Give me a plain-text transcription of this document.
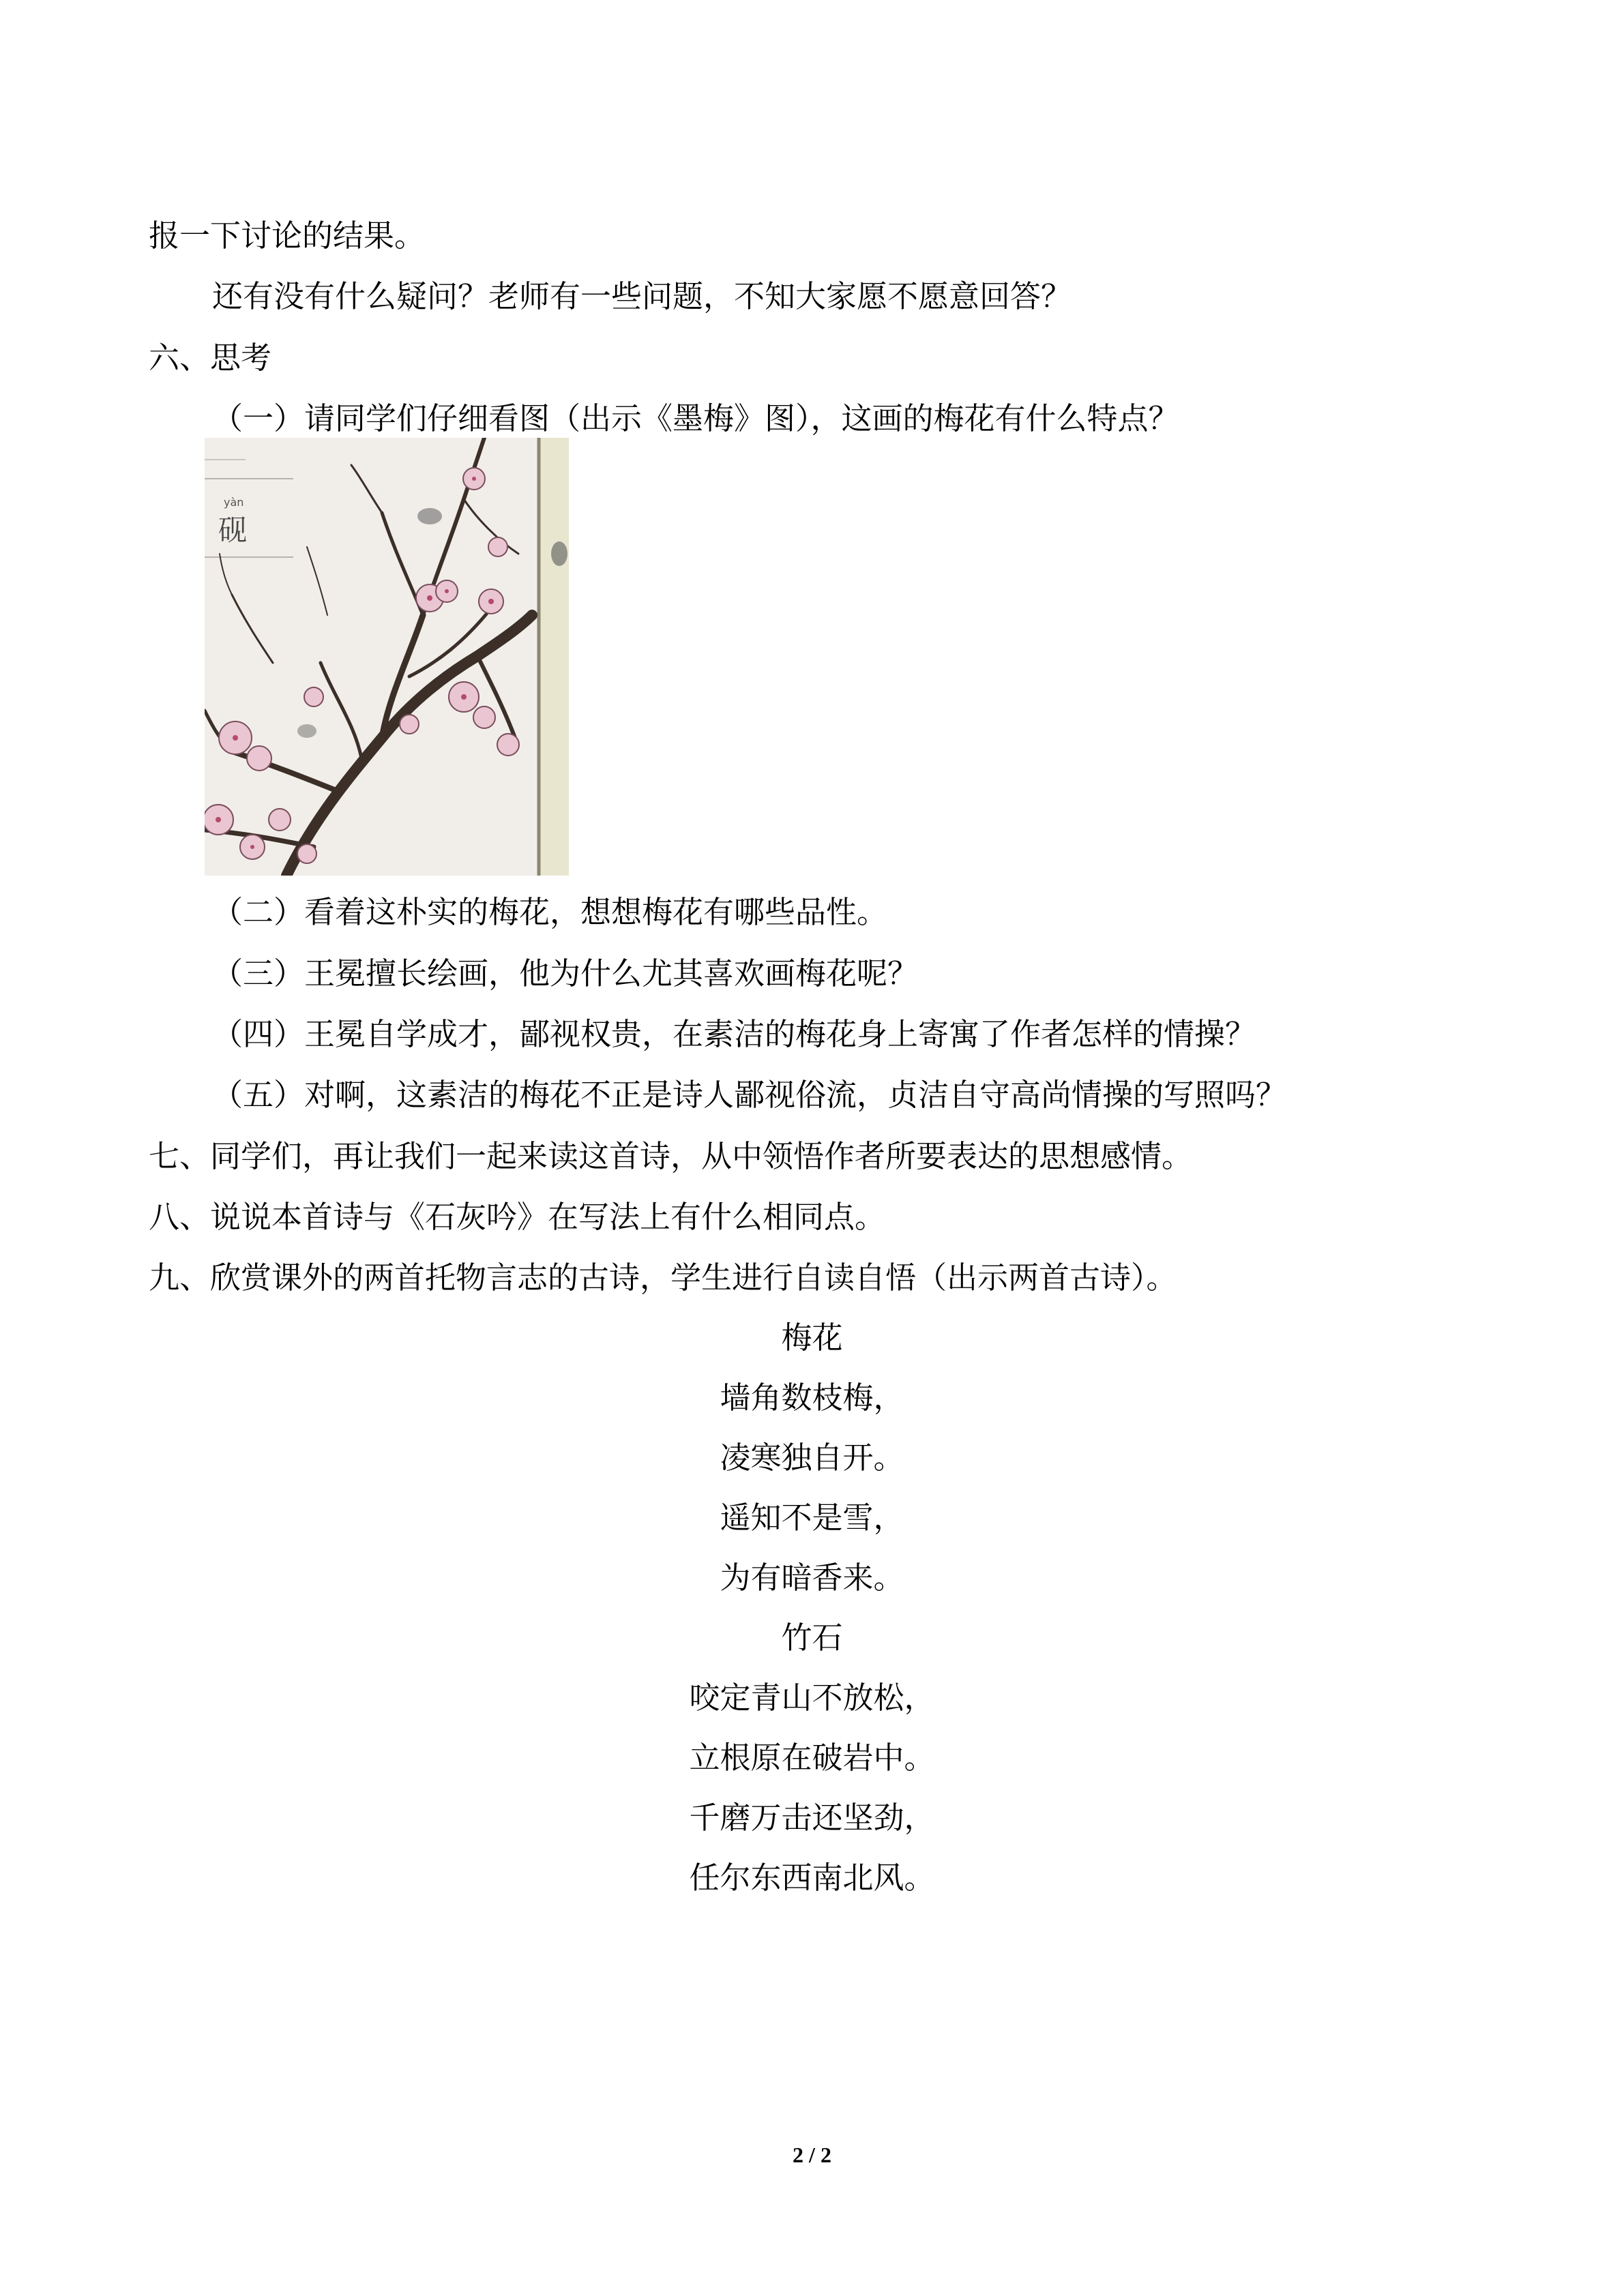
报一下讨论的结果。
还有没有什么疑问？老师有一些问题，不知大家愿不愿意回答？
六、思考
（一）请同学们仔细看图（出示《墨梅》图），这画的梅花有什么特点？
yàn
砚
（二）看着这朴实的梅花，想想梅花有哪些品性。
（三）王冕擅长绘画，他为什么尤其喜欢画梅花呢？
（四）王冕自学成才，鄙视权贵，在素洁的梅花身上寄寓了作者怎样的情操？
（五）对啊，这素洁的梅花不正是诗人鄙视俗流，贞洁自守高尚情操的写照吗？
七、同学们，再让我们一起来读这首诗，从中领悟作者所要表达的思想感情。
八、说说本首诗与《石灰吟》在写法上有什么相同点。
九、欣赏课外的两首托物言志的古诗，学生进行自读自悟（出示两首古诗）。
梅花
墙角数枝梅，
凌寒独自开。
遥知不是雪，
为有暗香来。
竹石
咬定青山不放松，
立根原在破岩中。
千磨万击还坚劲，
任尔东西南北风。
2 / 2
